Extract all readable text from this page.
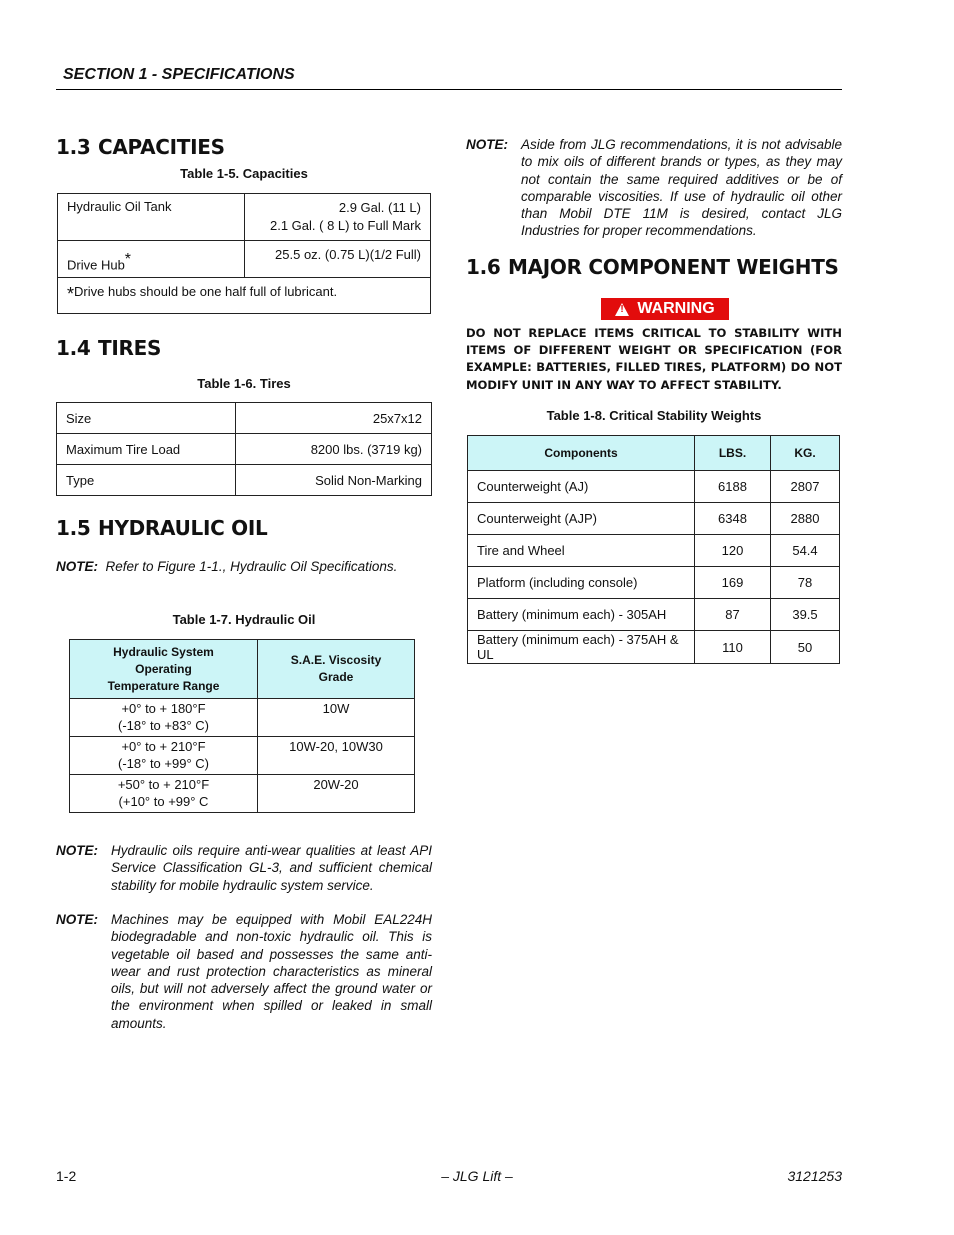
SECTION 1 - SPECIFICATIONS
1.3 CAPACITIES
Table 1-5. Capacities
Hydraulic Oil Tank	2.9 Gal. (11 L)
2.1 Gal. ( 8 L) to Full Mark
Drive Hub*	25.5 oz. (0.75 L)(1/2 Full)
*Drive hubs should be one half full of lubricant.	
1.4 TIRES
Table 1-6. Tires
Size	25x7x12
Maximum Tire Load	8200 lbs. (3719 kg)
Type	Solid Non-Marking
1.5 HYDRAULIC OIL
NOTE: Refer to Figure 1-1., Hydraulic Oil Specifications.
Table 1-7. Hydraulic Oil
Hydraulic System
Operating
Temperature Range	S.A.E. Viscosity
Grade
+0° to + 180°F
(-18° to +83° C)	10W
+0° to + 210°F
(-18° to +99° C)	10W-20, 10W30
+50° to + 210°F
(+10° to +99° C	20W-20
NOTE: Hydraulic oils require anti-wear qualities at least API Service Classification GL-3, and sufficient chemical stability for mobile hydraulic system service.
NOTE: Machines may be equipped with Mobil EAL224H biodegradable and non-toxic hydraulic oil. This is vegetable oil based and possesses the same anti-wear and rust protection characteristics as mineral oils, but will not adversely affect the ground water or the environment when spilled or leaked in small amounts.
NOTE: Aside from JLG recommendations, it is not advisable to mix oils of different brands or types, as they may not contain the same required additives or be of comparable viscosities. If use of hydraulic oil other than Mobil DTE 11M is desired, contact JLG Industries for proper recommendations.
1.6 MAJOR COMPONENT WEIGHTS
!
WARNING
DO NOT REPLACE ITEMS CRITICAL TO STABILITY WITH ITEMS OF DIFFERENT WEIGHT OR SPECIFICATION (FOR EXAMPLE: BATTERIES, FILLED TIRES, PLATFORM) DO NOT MODIFY UNIT IN ANY WAY TO AFFECT STABILITY.
Table 1-8. Critical Stability Weights
Components	LBS.	KG.
Counterweight (AJ)	6188	2807
Counterweight (AJP)	6348	2880
Tire and Wheel	120	54.4
Platform (including console)	169	78
Battery (minimum each) - 305AH	87	39.5
Battery (minimum each) - 375AH & UL	110	50
1-2	– JLG Lift –	3121253
